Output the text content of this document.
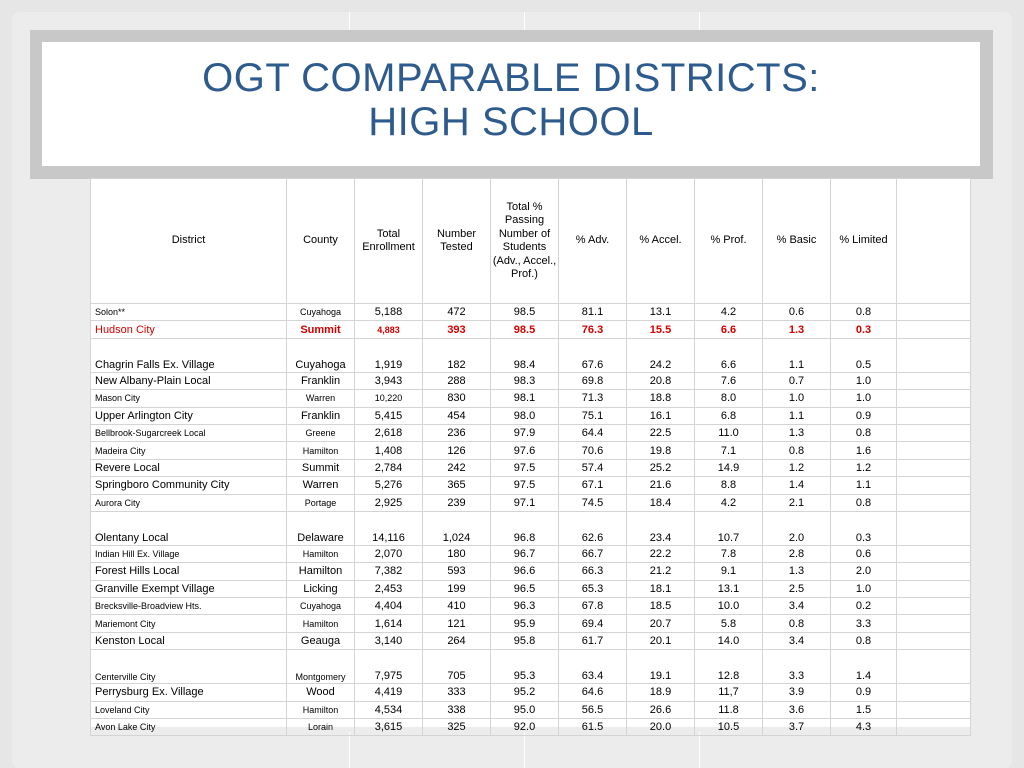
OGT COMPARABLE DISTRICTS:
HIGH SCHOOL
District	County	Total Enrollment	Number Tested	Total % Passing Number of Students (Adv., Accel., Prof.)	% Adv.	% Accel.	% Prof.	% Basic	% Limited	
Solon**	Cuyahoga	5,188	472	98.5	81.1	13.1	4.2	0.6	0.8	
Hudson City	Summit	4,883	393	98.5	76.3	15.5	6.6	1.3	0.3	
Chagrin Falls Ex. Village	Cuyahoga	1,919	182	98.4	67.6	24.2	6.6	1.1	0.5	
New Albany-Plain Local	Franklin	3,943	288	98.3	69.8	20.8	7.6	0.7	1.0	
Mason City	Warren	10,220	830	98.1	71.3	18.8	8.0	1.0	1.0	
Upper Arlington City	Franklin	5,415	454	98.0	75.1	16.1	6.8	1.1	0.9	
Bellbrook-Sugarcreek Local	Greene	2,618	236	97.9	64.4	22.5	11.0	1.3	0.8	
Madeira City	Hamilton	1,408	126	97.6	70.6	19.8	7.1	0.8	1.6	
Revere Local	Summit	2,784	242	97.5	57.4	25.2	14.9	1.2	1.2	
Springboro Community City	Warren	5,276	365	97.5	67.1	21.6	8.8	1.4	1.1	
Aurora City	Portage	2,925	239	97.1	74.5	18.4	4.2	2.1	0.8	
Olentany Local	Delaware	14,116	1,024	96.8	62.6	23.4	10.7	2.0	0.3	
Indian Hill Ex. Village	Hamilton	2,070	180	96.7	66.7	22.2	7.8	2.8	0.6	
Forest Hills Local	Hamilton	7,382	593	96.6	66.3	21.2	9.1	1.3	2.0	
Granville Exempt Village	Licking	2,453	199	96.5	65.3	18.1	13.1	2.5	1.0	
Brecksville-Broadview Hts.	Cuyahoga	4,404	410	96.3	67.8	18.5	10.0	3.4	0.2	
Mariemont City	Hamilton	1,614	121	95.9	69.4	20.7	5.8	0.8	3.3	
Kenston Local	Geauga	3,140	264	95.8	61.7	20.1	14.0	3.4	0.8	
Centerville City	Montgomery	7,975	705	95.3	63.4	19.1	12.8	3.3	1.4	
Perrysburg Ex. Village	Wood	4,419	333	95.2	64.6	18.9	11,7	3.9	0.9	
Loveland City	Hamilton	4,534	338	95.0	56.5	26.6	11.8	3.6	1.5	
Avon Lake City	Lorain	3,615	325	92.0	61.5	20.0	10.5	3.7	4.3	
